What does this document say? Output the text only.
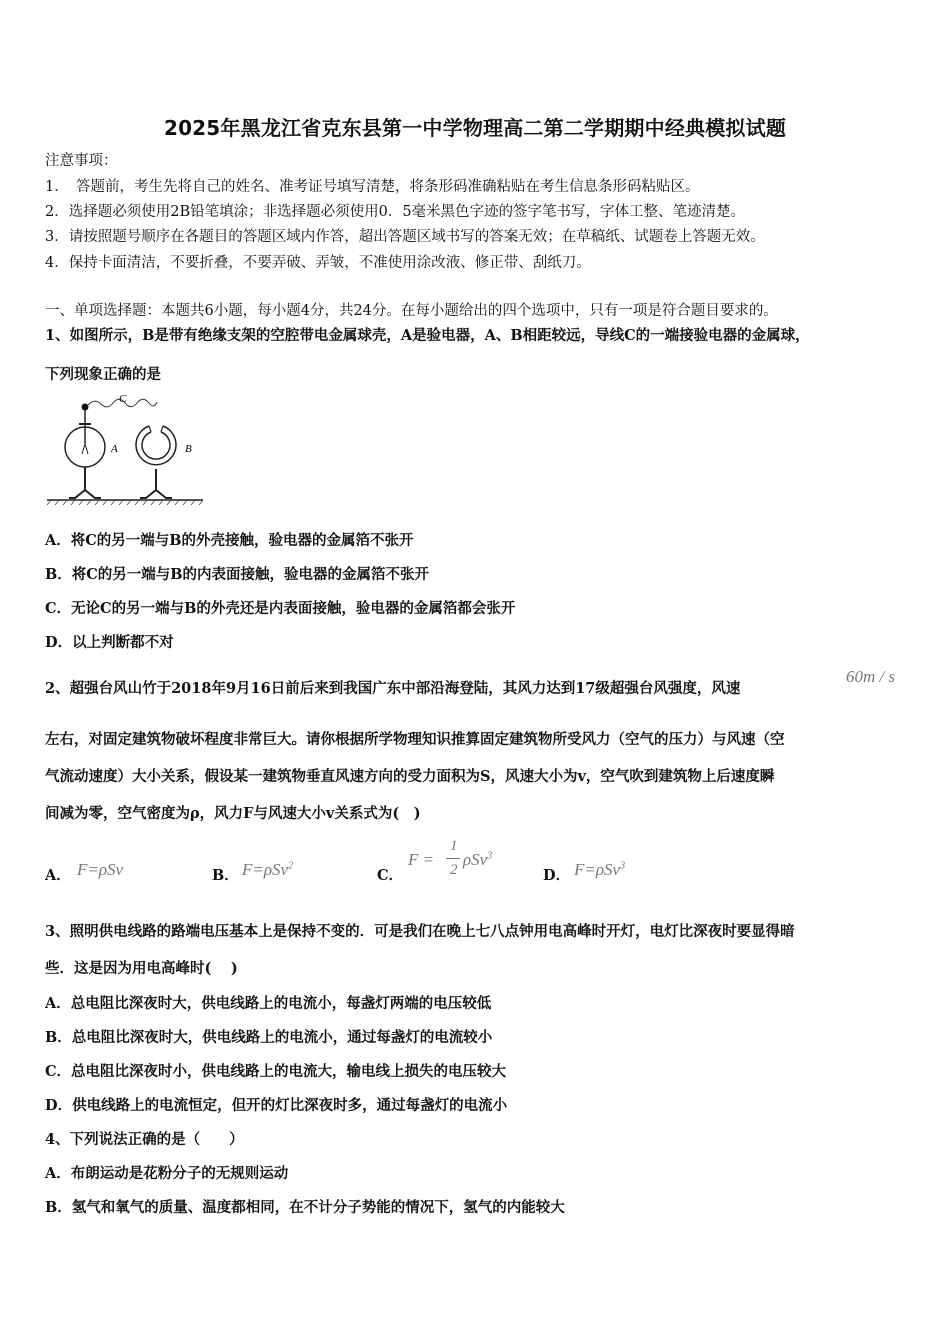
2025年黑龙江省克东县第一中学物理高二第二学期期中经典模拟试题
注意事项：
1．　答题前，考生先将自己的姓名、准考证号填写清楚，将条形码准确粘贴在考生信息条形码粘贴区。
2．选择题必须使用2B铅笔填涂；非选择题必须使用0．5毫米黑色字迹的签字笔书写，字体工整、笔迹清楚。
3．请按照题号顺序在各题目的答题区域内作答，超出答题区域书写的答案无效；在草稿纸、试题卷上答题无效。
4．保持卡面清洁，不要折叠，不要弄破、弄皱，不准使用涂改液、修正带、刮纸刀。
一、单项选择题：本题共6小题，每小题4分，共24分。在每小题给出的四个选项中，只有一项是符合题目要求的。
1、如图所示，B是带有绝缘支架的空腔带电金属球壳，A是验电器，A、B相距较远，导线C的一端接验电器的金属球，
下列现象正确的是
C
A	B
A．将C的另一端与B的外壳接触，验电器的金属箔不张开
B．将C的另一端与B的内表面接触，验电器的金属箔不张开
C．无论C的另一端与B的外壳还是内表面接触，验电器的金属箔都会张开
D．以上判断都不对
2、超强台风山竹于2018年9月16日前后来到我国广东中部沿海登陆，其风力达到17级超强台风强度，风速
60m / s
左右，对固定建筑物破坏程度非常巨大。请你根据所学物理知识推算固定建筑物所受风力（空气的压力）与风速（空
气流动速度）大小关系，假设某一建筑物垂直风速方向的受力面积为S，风速大小为v，空气吹到建筑物上后速度瞬
间减为零，空气密度为ρ，风力F与风速大小v关系式为(　)
A． F=ρSv	B． F=ρSv$^2$
C．
F =
1
2
ρSv$^3$
D． F=ρSv$^3$
3、照明供电线路的路端电压基本上是保持不变的．可是我们在晚上七八点钟用电高峰时开灯，电灯比深夜时要显得暗
些．这是因为用电高峰时(　 )
A．总电阻比深夜时大，供电线路上的电流小，每盏灯两端的电压较低
B．总电阻比深夜时大，供电线路上的电流小，通过每盏灯的电流较小
C．总电阻比深夜时小，供电线路上的电流大，输电线上损失的电压较大
D．供电线路上的电流恒定，但开的灯比深夜时多，通过每盏灯的电流小
4、下列说法正确的是（　　）
A．布朗运动是花粉分子的无规则运动
B．氢气和氧气的质量、温度都相同，在不计分子势能的情况下，氢气的内能较大
